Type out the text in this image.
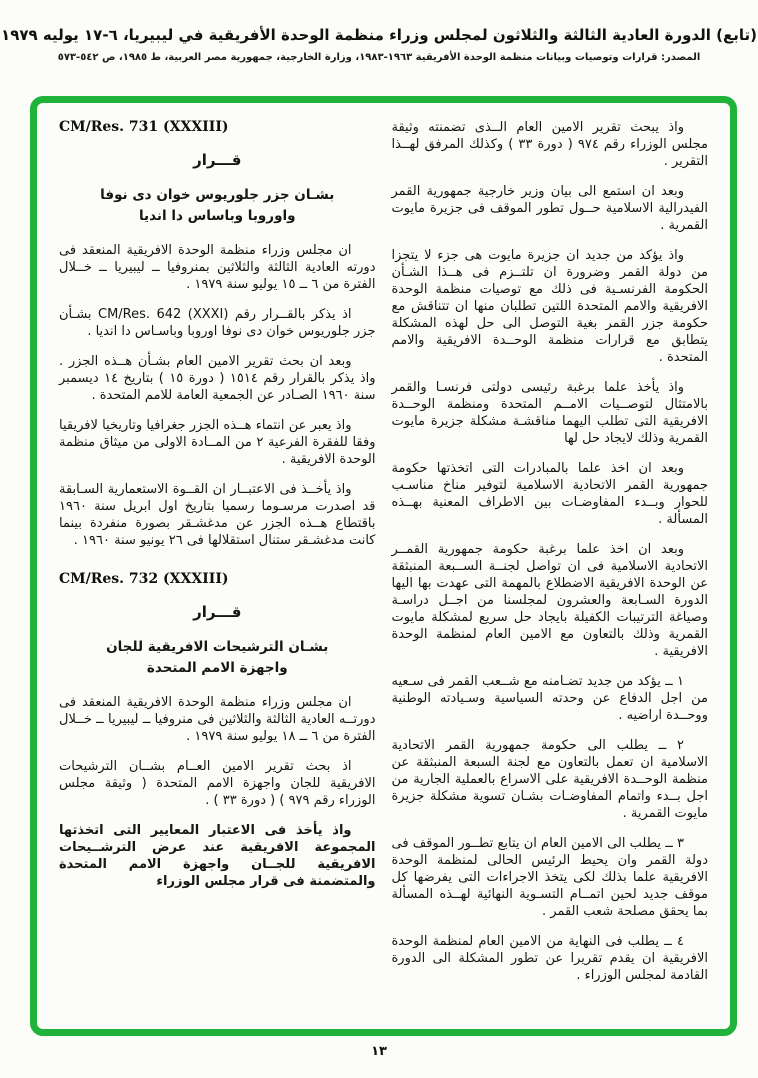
(تابع) الدورة العادية الثالثة والثلاثون لمجلس وزراء منظمة الوحدة الأفريقية في ليبيريا، ٦-١٧ يوليه ١٩٧٩
المصدر: قرارات وتوصيات وبيانات منظمة الوحدة الأفريقية ١٩٦٣-١٩٨٣، وزارة الخارجية، جمهورية مصر العربية، ط ١٩٨٥، ص ٥٤٢-٥٧٣

واذ يبحث تقرير الامين العام الــذى تضمنته وثيقة مجلس الوزراء رقم ٩٧٤ ( دورة ٣٣ ) وكذلك المرفق لهــذا التقرير .

وبعد ان استمع الى بيان وزير خارجية جمهورية القمر الفيدرالية الاسلامية حــول تطور الموقف فى جزيرة مايوت القمرية .

واذ يؤكد من جديد ان جزيرة مايوت هى جزء لا يتجزا من دولة القمر وضرورة ان تلتــزم فى هــذا الشـأن الحكومة الفرنسـية فى ذلك مع توصيات منظمة الوحدة الافريقية والامم المتحدة اللتين تطلبان منها ان تتناقش مع حكومة جزر القمر بغية التوصل الى حل لهذه المشكلة يتطابق مع قرارات منظمة الوحــدة الافريقية والامم المتحدة .

واذ يأخذ علما برغبة رئيسى دولتى فرنسـا والقمر بالامتثال لتوصــيات الامــم المتحدة ومنظمة الوحــدة الافريقية التى تطلب اليهما مناقشـة مشكلة جزيرة مايوت القمرية وذلك لايجاد حل لها

وبعد ان اخذ علما بالمبادرات التى اتخذتها حكومة جمهورية القمر الاتحادية الاسلامية لتوفير مناخ مناسـب للحوار وبــدء المفاوضـات بين الاطراف المعنية بهــذه المسألة .

وبعد ان اخذ علما برغبة حكومة جمهورية القمــر الاتحادية الاسلامية فى ان تواصل لجنــة الســبعة المنبثقة عن الوحدة الافريقية الاضطلاع بالمهمة التى عهدت بها اليها الدورة السـابعة والعشرون لمجلسنا من اجــل دراسـة وصياغة الترتيبات الكفيلة بايجاد حل سريع لمشكلة مايوت القمرية وذلك بالتعاون مع الامين العام لمنظمة الوحدة الافريقية .

١ ــ يؤكد من جديد تضـامنه مع شــعب القمر فى سـعيه من اجل الدفاع عن وحدته السياسية وسـيادته الوطنية ووحــدة اراضيه .

٢ ــ يطلب الى حكومة جمهورية القمر الاتحادية الاسلامية ان تعمل بالتعاون مع لجنة السبعة المنبثقة عن منظمة الوحــدة الافريقية على الاسراع بالعملية الجارية من اجل بــدء واتمام المفاوضـات بشـان تسوية مشكلة جزيرة مايوت القمرية .

٣ ــ يطلب الى الامين العام ان يتابع تطــور الموقف فى دولة القمر وان يحيط الرئيس الحالى لمنظمة الوحدة الافريقية علما بذلك لكى يتخذ الاجراءات التى يفرضها كل موقف جديد لحين اتمــام التسـوية النهائية لهــذه المسألة بما يحقق مصلحة شعب القمر .

٤ ــ يطلب فى النهاية من الامين العام لمنظمة الوحدة الافريقية ان يقدم تقريرا عن تطور المشكلة الى الدورة القادمة لمجلس الوزراء .

CM/Res. 731 (XXXIII)
قـــرار
بشـان جزر جلوريوس خوان دى نوفا
واوروبا وباساس دا انديا

ان مجلس وزراء منظمة الوحدة الافريقية المنعقد فى دورته العادية الثالثة والثلاثين بمنروفيا ــ ليبيريا ــ خــلال الفترة من ٦ ــ ١٥ يوليو سنة ١٩٧٩ .

اذ يذكر بالقــرار رقم CM/Res. 642 (XXXI) بشـأن جزر جلوريوس خوان دى نوفا اوروبا وباسـاس دا انديا .

وبعد ان بحث تقرير الامين العام بشـأن هــذه الجزر . واذ يذكر بالقرار رقم ١٥١٤ ( دورة ١٥ ) بتاريخ ١٤ ديسمبر سنة ١٩٦٠ الصـادر عن الجمعية العامة للامم المتحدة .

واذ يعبر عن انتماء هــذه الجزر جغرافيا وتاريخيا لافريقيا وفقا للفقرة الفرعية ٢ من المــادة الاولى من ميثاق منظمة الوحدة الافريقية .

واذ يأخــذ فى الاعتبــار ان القــوة الاستعمارية السـابقة قد اصدرت مرسـوما رسميا بتاريخ اول ابريل سنة ١٩٦٠ باقتطاع هــذه الجزر عن مدغشـقر بصورة منفردة بينما كانت مدغشـقر ستنال استقلالها فى ٢٦ يونيو سنة ١٩٦٠ .

CM/Res. 732 (XXXIII)
قـــرار
بشـان الترشيحات الافريقية للجان
واجهزة الامم المتحدة

ان مجلس وزراء منظمة الوحدة الافريقية المنعقد فى دورتــه العادية الثالثة والثلاثين فى منروفيا ــ ليبيريا ــ خــلال الفترة من ٦ ــ ١٨ يوليو سنة ١٩٧٩ .

اذ بحث تقرير الامين العــام بشــان الترشيحات الافريقية للجان واجهزة الامم المتحدة ( وثيقة مجلس الوزراء رقم ٩٧٩ ) ( دورة ٣٣ ) .

واذ يأخذ فى الاعتبار المعايير التى اتخذتها المجموعة الافريقية عند عرض الترشــيحات الافريقية للجــان واجهزة الامم المتحدة والمتضمنة فى قرار مجلس الوزراء

١٣
